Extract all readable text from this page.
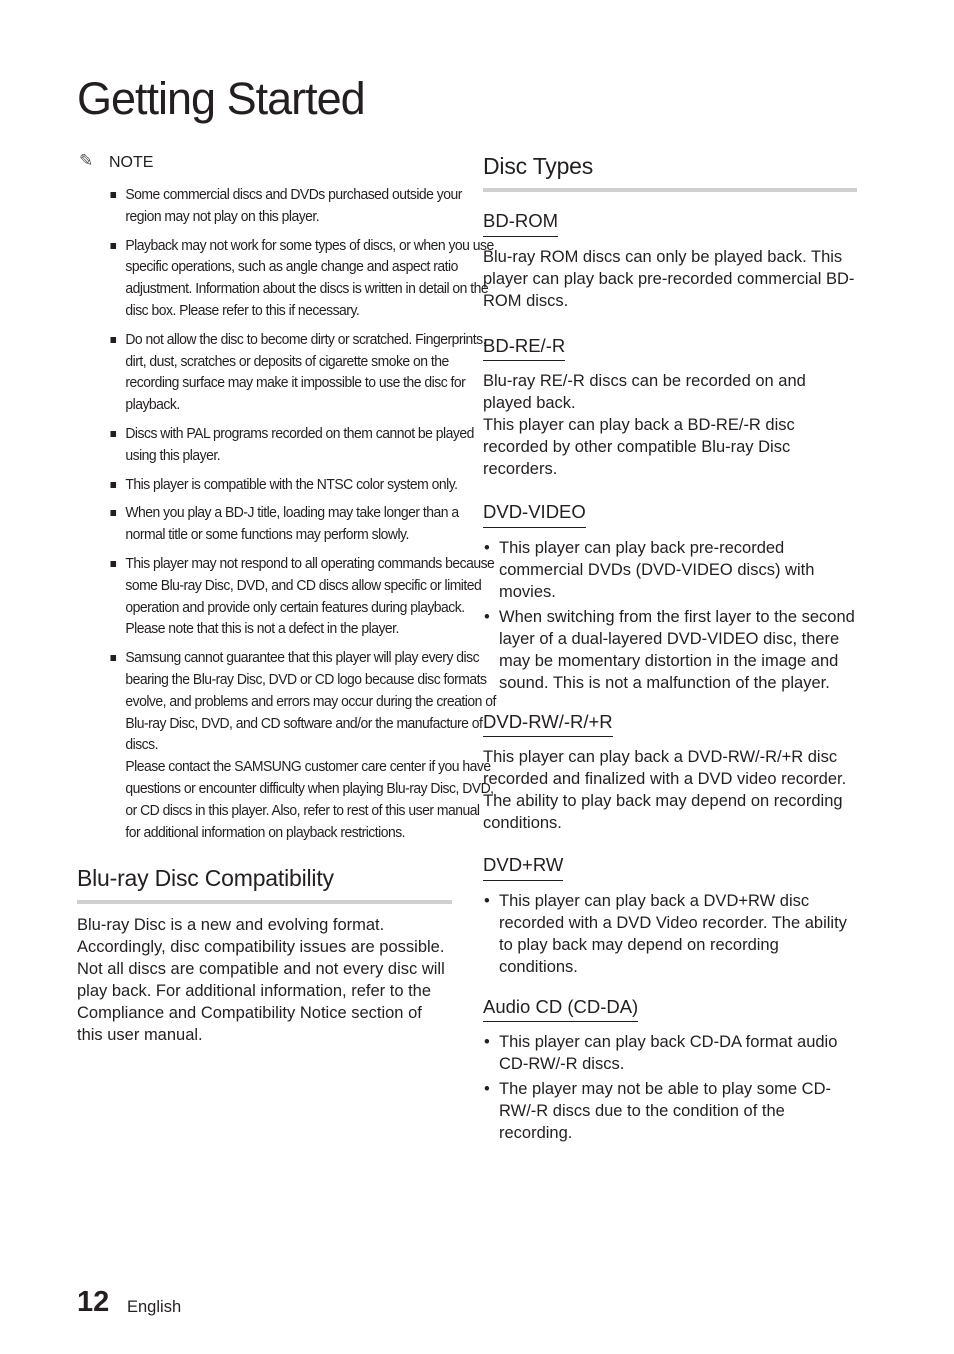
Getting Started
✎ NOTE
Some commercial discs and DVDs purchased outside your region may not play on this player.
Playback may not work for some types of discs, or when you use specific operations, such as angle change and aspect ratio adjustment. Information about the discs is written in detail on the disc box. Please refer to this if necessary.
Do not allow the disc to become dirty or scratched. Fingerprints, dirt, dust, scratches or deposits of cigarette smoke on the recording surface may make it impossible to use the disc for playback.
Discs with PAL programs recorded on them cannot be played using this player.
This player is compatible with the NTSC color system only.
When you play a BD-J title, loading may take longer than a normal title or some functions may perform slowly.
This player may not respond to all operating commands because some Blu-ray Disc, DVD, and CD discs allow specific or limited operation and provide only certain features during playback. Please note that this is not a defect in the player.
Samsung cannot guarantee that this player will play every disc bearing the Blu-ray Disc, DVD or CD logo because disc formats evolve, and problems and errors may occur during the creation of Blu-ray Disc, DVD, and CD software and/or the manufacture of discs.
Please contact the SAMSUNG customer care center if you have questions or encounter difficulty when playing Blu-ray Disc, DVD, or CD discs in this player. Also, refer to rest of this user manual for additional information on playback restrictions.
Blu-ray Disc Compatibility

Blu-ray Disc is a new and evolving format. Accordingly, disc compatibility issues are possible. Not all discs are compatible and not every disc will play back. For additional information, refer to the Compliance and Compatibility Notice section of this user manual.

Disc Types
BD-ROM

Blu-ray ROM discs can only be played back. This player can play back pre-recorded commercial BD-ROM discs.

BD-RE/-R

Blu-ray RE/-R discs can be recorded on and played back.

This player can play back a BD-RE/-R disc recorded by other compatible Blu-ray Disc recorders.

DVD-VIDEO
• This player can play back pre-recorded commercial DVDs (DVD-VIDEO discs) with movies.
• When switching from the first layer to the second layer of a dual-layered DVD-VIDEO disc, there may be momentary distortion in the image and sound. This is not a malfunction of the player.
DVD-RW/-R/+R

This player can play back a DVD-RW/-R/+R disc recorded and finalized with a DVD video recorder. The ability to play back may depend on recording conditions.

DVD+RW
• This player can play back a DVD+RW disc recorded with a DVD Video recorder. The ability to play back may depend on recording conditions.
Audio CD (CD-DA)
• This player can play back CD-DA format audio CD-RW/-R discs.
• The player may not be able to play some CD-RW/-R discs due to the condition of the recording.
12 English
